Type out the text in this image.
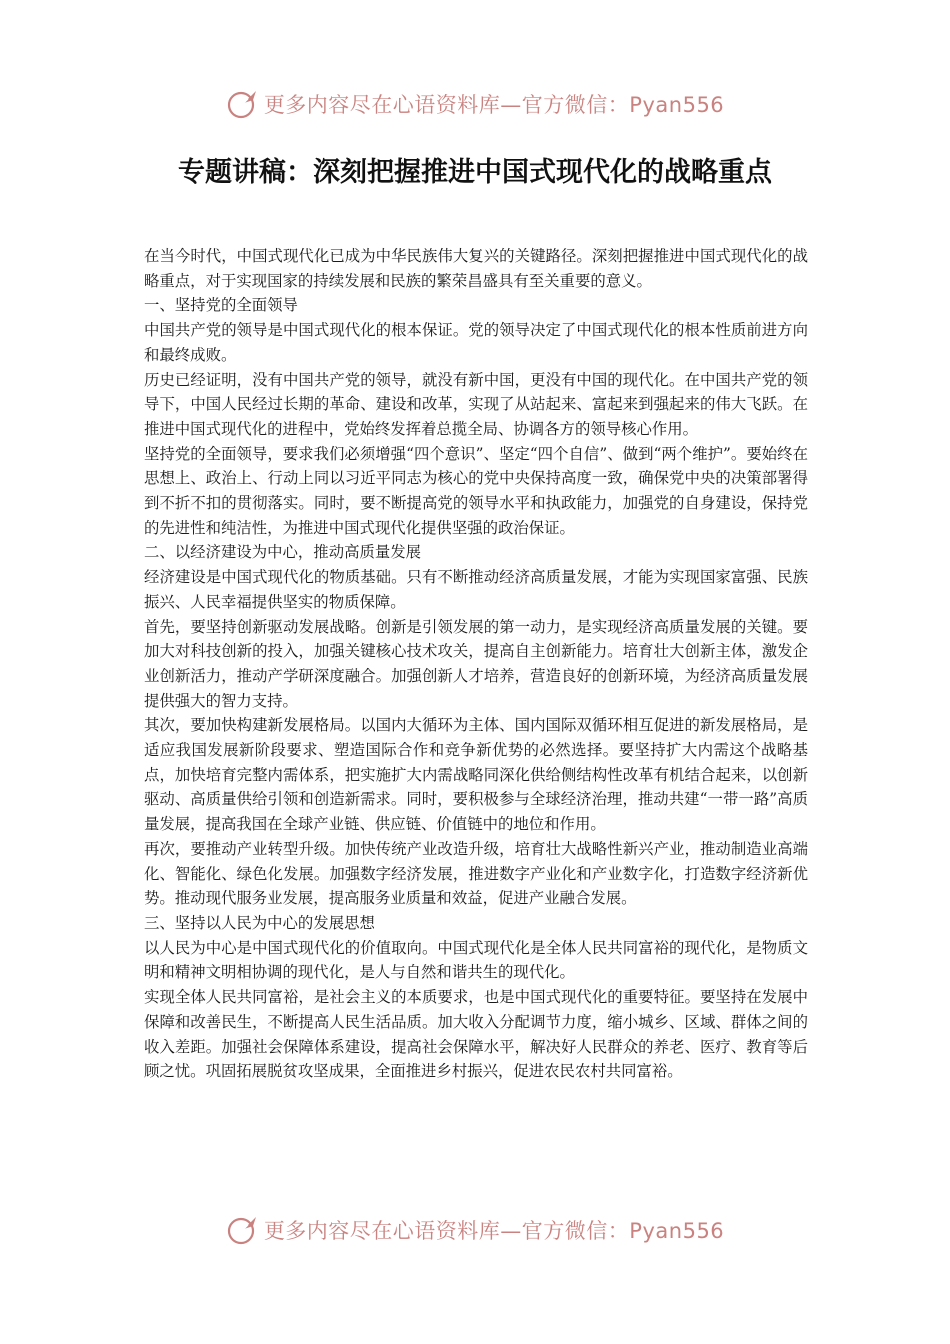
更多内容尽在心语资料库—官方微信：Pyan556
专题讲稿：深刻把握推进中国式现代化的战略重点

在当今时代，中国式现代化已成为中华民族伟大复兴的关键路径。深刻把握推进中国式现代化的战略重点，对于实现国家的持续发展和民族的繁荣昌盛具有至关重要的意义。

一、坚持党的全面领导

中国共产党的领导是中国式现代化的根本保证。党的领导决定了中国式现代化的根本性质前进方向和最终成败。

历史已经证明，没有中国共产党的领导，就没有新中国，更没有中国的现代化。在中国共产党的领导下，中国人民经过长期的革命、建设和改革，实现了从站起来、富起来到强起来的伟大飞跃。在推进中国式现代化的进程中，党始终发挥着总揽全局、协调各方的领导核心作用。

坚持党的全面领导，要求我们必须增强“四个意识”、坚定“四个自信”、做到“两个维护”。要始终在思想上、政治上、行动上同以习近平同志为核心的党中央保持高度一致，确保党中央的决策部署得到不折不扣的贯彻落实。同时，要不断提高党的领导水平和执政能力，加强党的自身建设，保持党的先进性和纯洁性，为推进中国式现代化提供坚强的政治保证。

二、以经济建设为中心，推动高质量发展

经济建设是中国式现代化的物质基础。只有不断推动经济高质量发展，才能为实现国家富强、民族振兴、人民幸福提供坚实的物质保障。

首先，要坚持创新驱动发展战略。创新是引领发展的第一动力，是实现经济高质量发展的关键。要加大对科技创新的投入，加强关键核心技术攻关，提高自主创新能力。培育壮大创新主体，激发企业创新活力，推动产学研深度融合。加强创新人才培养，营造良好的创新环境，为经济高质量发展提供强大的智力支持。

其次，要加快构建新发展格局。以国内大循环为主体、国内国际双循环相互促进的新发展格局，是适应我国发展新阶段要求、塑造国际合作和竞争新优势的必然选择。要坚持扩大内需这个战略基点，加快培育完整内需体系，把实施扩大内需战略同深化供给侧结构性改革有机结合起来，以创新驱动、高质量供给引领和创造新需求。同时，要积极参与全球经济治理，推动共建“一带一路”高质量发展，提高我国在全球产业链、供应链、价值链中的地位和作用。

再次，要推动产业转型升级。加快传统产业改造升级，培育壮大战略性新兴产业，推动制造业高端化、智能化、绿色化发展。加强数字经济发展，推进数字产业化和产业数字化，打造数字经济新优势。推动现代服务业发展，提高服务业质量和效益，促进产业融合发展。

三、坚持以人民为中心的发展思想

以人民为中心是中国式现代化的价值取向。中国式现代化是全体人民共同富裕的现代化，是物质文明和精神文明相协调的现代化，是人与自然和谐共生的现代化。

实现全体人民共同富裕，是社会主义的本质要求，也是中国式现代化的重要特征。要坚持在发展中保障和改善民生，不断提高人民生活品质。加大收入分配调节力度，缩小城乡、区域、群体之间的收入差距。加强社会保障体系建设，提高社会保障水平，解决好人民群众的养老、医疗、教育等后顾之忧。巩固拓展脱贫攻坚成果，全面推进乡村振兴，促进农民农村共同富裕。

更多内容尽在心语资料库—官方微信：Pyan556
